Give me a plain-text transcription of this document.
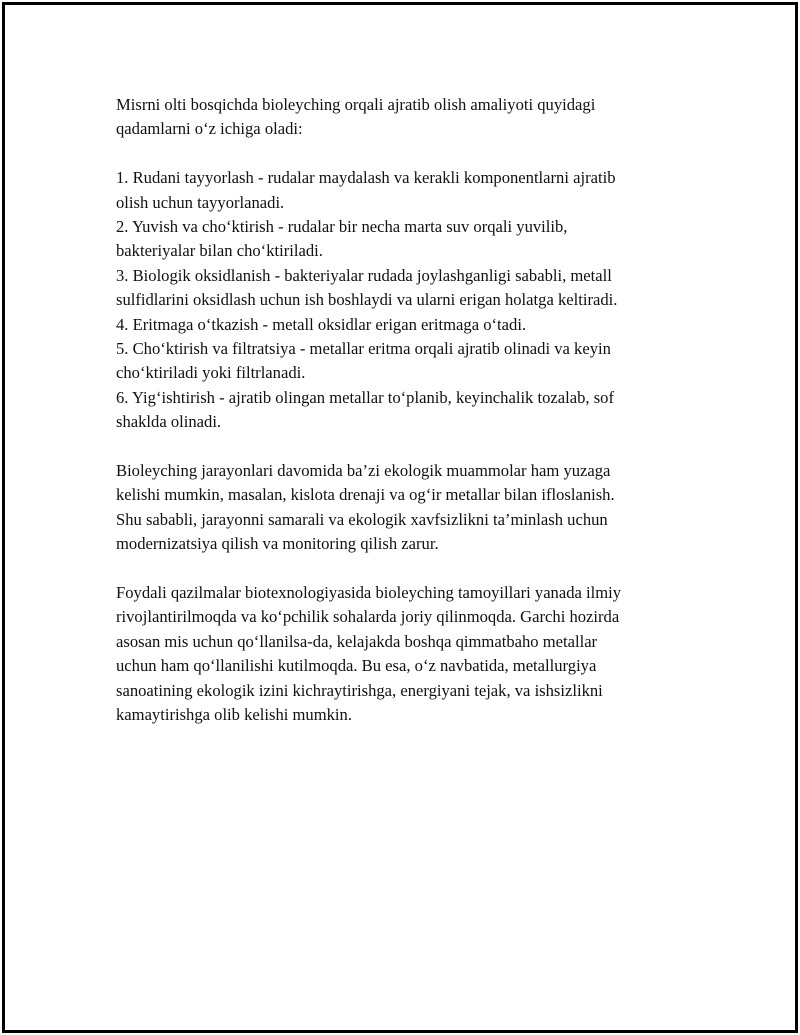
Misrni olti bosqichda bioleyching orqali ajratib olish amaliyoti quyidagi
qadamlarni o‘z ichiga oladi:
1. Rudani tayyorlash - rudalar maydalash va kerakli komponentlarni ajratib
olish uchun tayyorlanadi.
2. Yuvish va cho‘ktirish - rudalar bir necha marta suv orqali yuvilib,
bakteriyalar bilan cho‘ktiriladi.
3. Biologik oksidlanish - bakteriyalar rudada joylashganligi sababli, metall
sulfidlarini oksidlash uchun ish boshlaydi va ularni erigan holatga keltiradi.
4. Eritmaga o‘tkazish - metall oksidlar erigan eritmaga o‘tadi.
5. Cho‘ktirish va filtratsiya - metallar eritma orqali ajratib olinadi va keyin
cho‘ktiriladi yoki filtrlanadi.
6. Yig‘ishtirish - ajratib olingan metallar to‘planib, keyinchalik tozalab, sof
shaklda olinadi.
Bioleyching jarayonlari davomida ba’zi ekologik muammolar ham yuzaga
kelishi mumkin, masalan, kislota drenaji va og‘ir metallar bilan ifloslanish.
Shu sababli, jarayonni samarali va ekologik xavfsizlikni ta’minlash uchun
modernizatsiya qilish va monitoring qilish zarur.
Foydali qazilmalar biotexnologiyasida bioleyching tamoyillari yanada ilmiy
rivojlantirilmoqda va ko‘pchilik sohalarda joriy qilinmoqda. Garchi hozirda
asosan mis uchun qo‘llanilsa-da, kelajakda boshqa qimmatbaho metallar
uchun ham qo‘llanilishi kutilmoqda. Bu esa, o‘z navbatida, metallurgiya
sanoatining ekologik izini kichraytirishga, energiyani tejak, va ishsizlikni
kamaytirishga olib kelishi mumkin.
